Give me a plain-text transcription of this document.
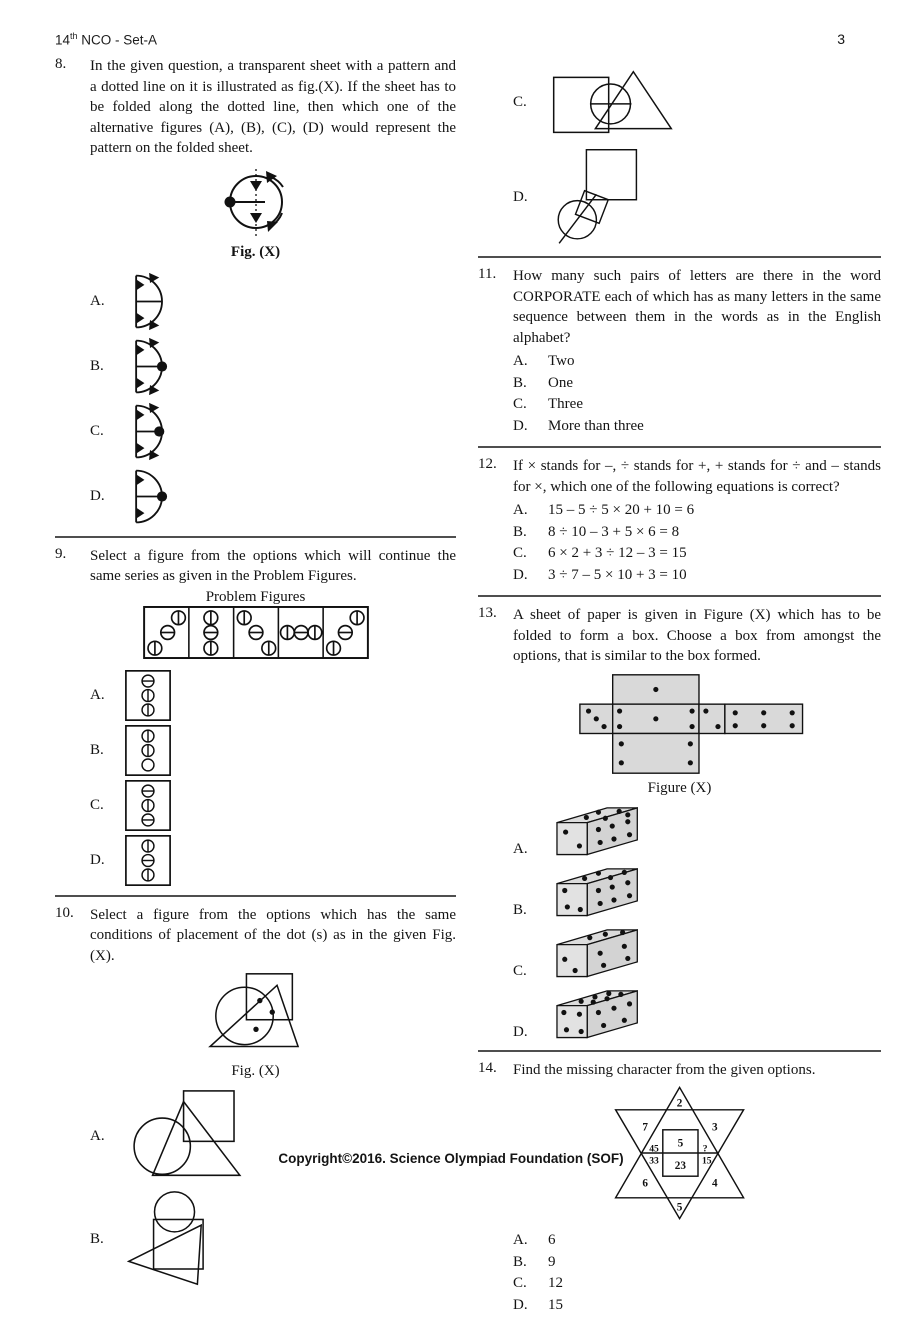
14th NCO - Set-A	3
8.	In the given question, a transparent sheet with a pattern and a dotted line on it is illustrated as fig.(X). If the sheet has to be folded along the dotted line, then which one of the alternative figures (A), (B), (C), (D) would represent the pattern on the folded sheet.
Fig. (X)
A.
B.
C.
D.
9.	Select a figure from the options which will continue the same series as given in the Problem Figures.
Problem Figures
A.
B.
C.
D.
10.	Select a figure from the options which has the same conditions of placement of the dot (s) as in the given Fig. (X).
Fig. (X)
A.
B.
C.
D.
11.	How many such pairs of letters are there in the word CORPORATE each of which has as many letters in the same sequence between them in the words as in the English alphabet?
A.	Two
B.	One
C.	Three
D.	More than three
12.	If × stands for –, ÷ stands for +, + stands for ÷ and – stands for ×, which one of the following equations is correct?
A.	15 – 5 ÷ 5 × 20 + 10 = 6
B.	8 ÷ 10 – 3 + 5 × 6 = 8
C.	6 × 2 + 3 ÷ 12 – 3 = 15
D.	3 ÷ 7 – 5 × 10 + 3 = 10
13.	A sheet of paper is given in Figure (X) which has to be folded to form a box. Choose a box from amongst the options, that is similar to the box formed.
Figure (X)
A.
B.
C.
D.
14.	Find the missing character from the given options.
2
7	3
45
33
?
15
5
23
6	4
5
A.	6
B.	9
C.	12
D.	15
Copyright©2016. Science Olympiad Foundation (SOF)
